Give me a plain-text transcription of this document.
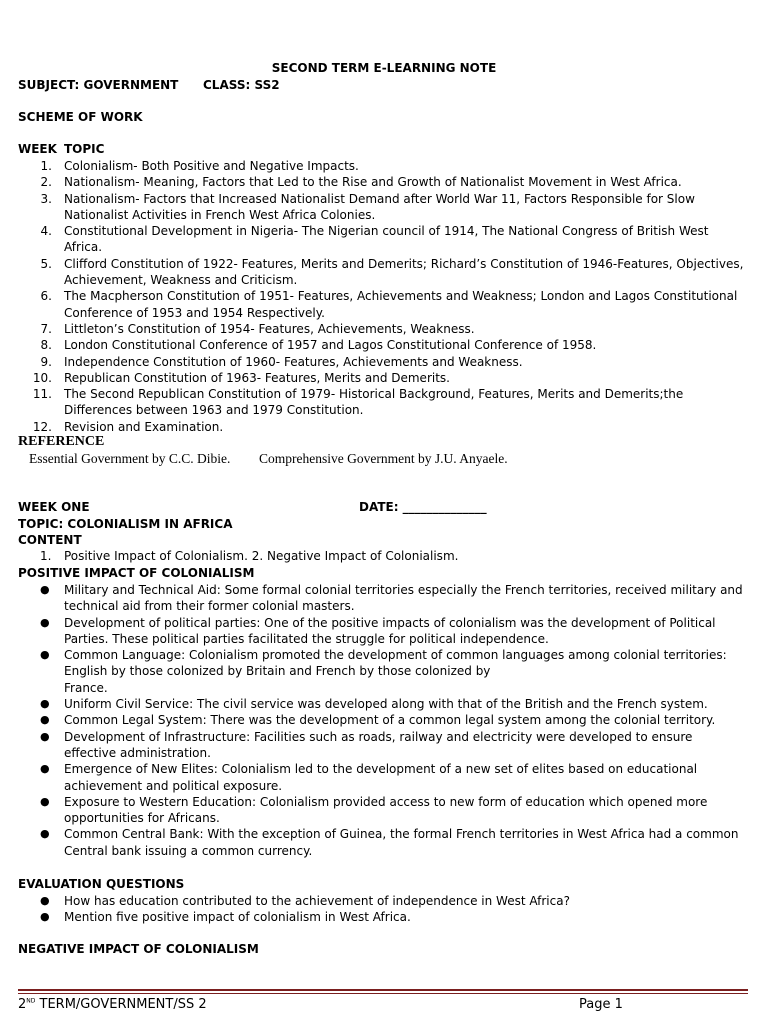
SECOND TERM E-LEARNING NOTE
SUBJECT: GOVERNMENT CLASS: SS2
SCHEME OF WORK
WEEK TOPIC
1. Colonialism- Both Positive and Negative Impacts.
2. Nationalism- Meaning, Factors that Led to the Rise and Growth of Nationalist Movement in West Africa.
3. Nationalism- Factors that Increased Nationalist Demand after World War 11, Factors Responsible for Slow Nationalist Activities in French West Africa Colonies.
4. Constitutional Development in Nigeria- The Nigerian council of 1914, The National Congress of British West Africa.
5. Clifford Constitution of 1922- Features, Merits and Demerits; Richard’s Constitution of 1946-Features, Objectives, Achievement, Weakness and Criticism.
6. The Macpherson Constitution of 1951- Features, Achievements and Weakness; London and Lagos Constitutional Conference of 1953 and 1954 Respectively.
7. Littleton’s Constitution of 1954- Features, Achievements, Weakness.
8. London Constitutional Conference of 1957 and Lagos Constitutional Conference of 1958.
9. Independence Constitution of 1960- Features, Achievements and Weakness.
10. Republican Constitution of 1963- Features, Merits and Demerits.
11. The Second Republican Constitution of 1979- Historical Background, Features, Merits and Demerits;the Differences between 1963 and 1979 Constitution.
12. Revision and Examination.
REFERENCE
Essential Government by C.C. Dibie. Comprehensive Government by J.U. Anyaele.
WEEK ONE	DATE: ______________
TOPIC: COLONIALISM IN AFRICA
CONTENT
1. Positive Impact of Colonialism. 2. Negative Impact of Colonialism.
POSITIVE IMPACT OF COLONIALISM
● Military and Technical Aid: Some formal colonial territories especially the French territories, received military and technical aid from their former colonial masters.
● Development of political parties: One of the positive impacts of colonialism was the development of Political Parties. These political parties facilitated the struggle for political independence.
● Common Language: Colonialism promoted the development of common languages among colonial territories: English by those colonized by Britain and French by those colonized by
France.
● Uniform Civil Service: The civil service was developed along with that of the British and the French system.
● Common Legal System: There was the development of a common legal system among the colonial territory.
● Development of Infrastructure: Facilities such as roads, railway and electricity were developed to ensure effective administration.
● Emergence of New Elites: Colonialism led to the development of a new set of elites based on educational achievement and political exposure.
● Exposure to Western Education: Colonialism provided access to new form of education which opened more opportunities for Africans.
● Common Central Bank: With the exception of Guinea, the formal French territories in West Africa had a common Central bank issuing a common currency.
EVALUATION QUESTIONS
● How has education contributed to the achievement of independence in West Africa?
● Mention five positive impact of colonialism in West Africa.
NEGATIVE IMPACT OF COLONIALISM
2ND TERM/GOVERNMENT/SS 2	Page 1
